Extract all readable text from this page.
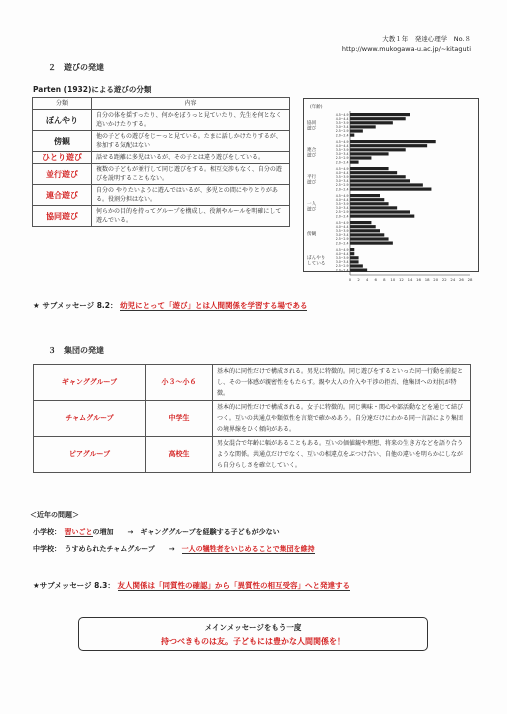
大教１年　発達心理学　No.８
http://www.mukogawa-u.ac.jp/~kitaguti
２　遊びの発達
Parten (1932)による遊びの分類
分類	内容
ぼんやり	自分の体を揺すったり、何かをぼうっと見ていたり、先生を何となく追いかけたりする。
傍観	他の子どもの遊びをじーっと見ている。たまに話しかけたりするが、参加する気配はない
ひとり遊び	話せる距離に多児はいるが、その子とは違う遊びをしている。
並行遊び	複数の子どもが並行して同じ遊びをする。相互交渉もなく、自分の遊びを説明することもない。
連合遊び	自分の やりたいように遊んではいるが、多児との間にやりとりがある。役割分担はない。
協同遊び	何らかの目的を持ってグループを構成し、役割やルールを明確にして遊んでいる。
(年齢)
4.5~4.9
4.0~4.4
3.5~3.9
3.0~3.4
2.5~2.9
2.0~2.4
協同
遊び
4.5~4.9
4.0~4.4
3.5~3.9
3.0~3.4
2.5~2.9
2.0~2.4
連合
遊び
4.5~4.9
4.0~4.4
3.5~3.9
3.0~3.4
2.5~2.9
2.0~2.4
平行
遊び
4.5~4.9
4.0~4.4
3.5~3.9
3.0~3.4
2.5~2.9
2.0~2.4
一人
遊び
4.5~4.9
4.0~4.4
3.5~3.9
3.0~3.4
2.5~2.9
2.0~2.4
傍観
4.5~4.9
4.0~4.4
3.5~3.9
3.0~3.4
2.5~2.9
2.0~2.4
ぼんやり
している
0 2 4 6 8 10 12 14 16 18 20 22 24 26 28
★ サブメッセージ 8.2： 幼児にとって「遊び」とは人間関係を学習する場である
３　集団の発達
ギャンググループ	小３～小６	基本的に同性だけで構成される。男児に特徴的。同じ遊びをするといった同一行動を前提とし、その一体感が親密性をもたらす。親や大人の介入や干渉の拒否、他集団への対抗が特徴。
チャムグループ	中学生	基本的に同性だけで構成される。女子に特徴的。同じ興味・関心や部活動などを通じて結びつく。互いの共通点や類似性を言葉で確かめあう。自分達だけにわかる同一言語により集団の境界線をひく傾向がある。
ピアグループ	高校生	男女混合で年齢に幅があることもある。互いの価値観や理想、将来の生き方などを語り合うような関係。共通点だけでなく、互いの相違点をぶつけ合い、自他の違いを明らかにしながら自分らしさを確立していく。
＜近年の問題＞
小学校：　 習いごとの増加　　→　ギャンググループを経験する子どもが少ない
中学校：　うすめられたチャムグループ　　→　 一人の犠牲者をいじめることで集団を維持
★サブメッセージ 8.3： 友人関係は「同質性の確認」から「異質性の相互受容」へと発達する
メインメッセージをもう一度
持つべきものは友。子どもには豊かな人間関係を！
